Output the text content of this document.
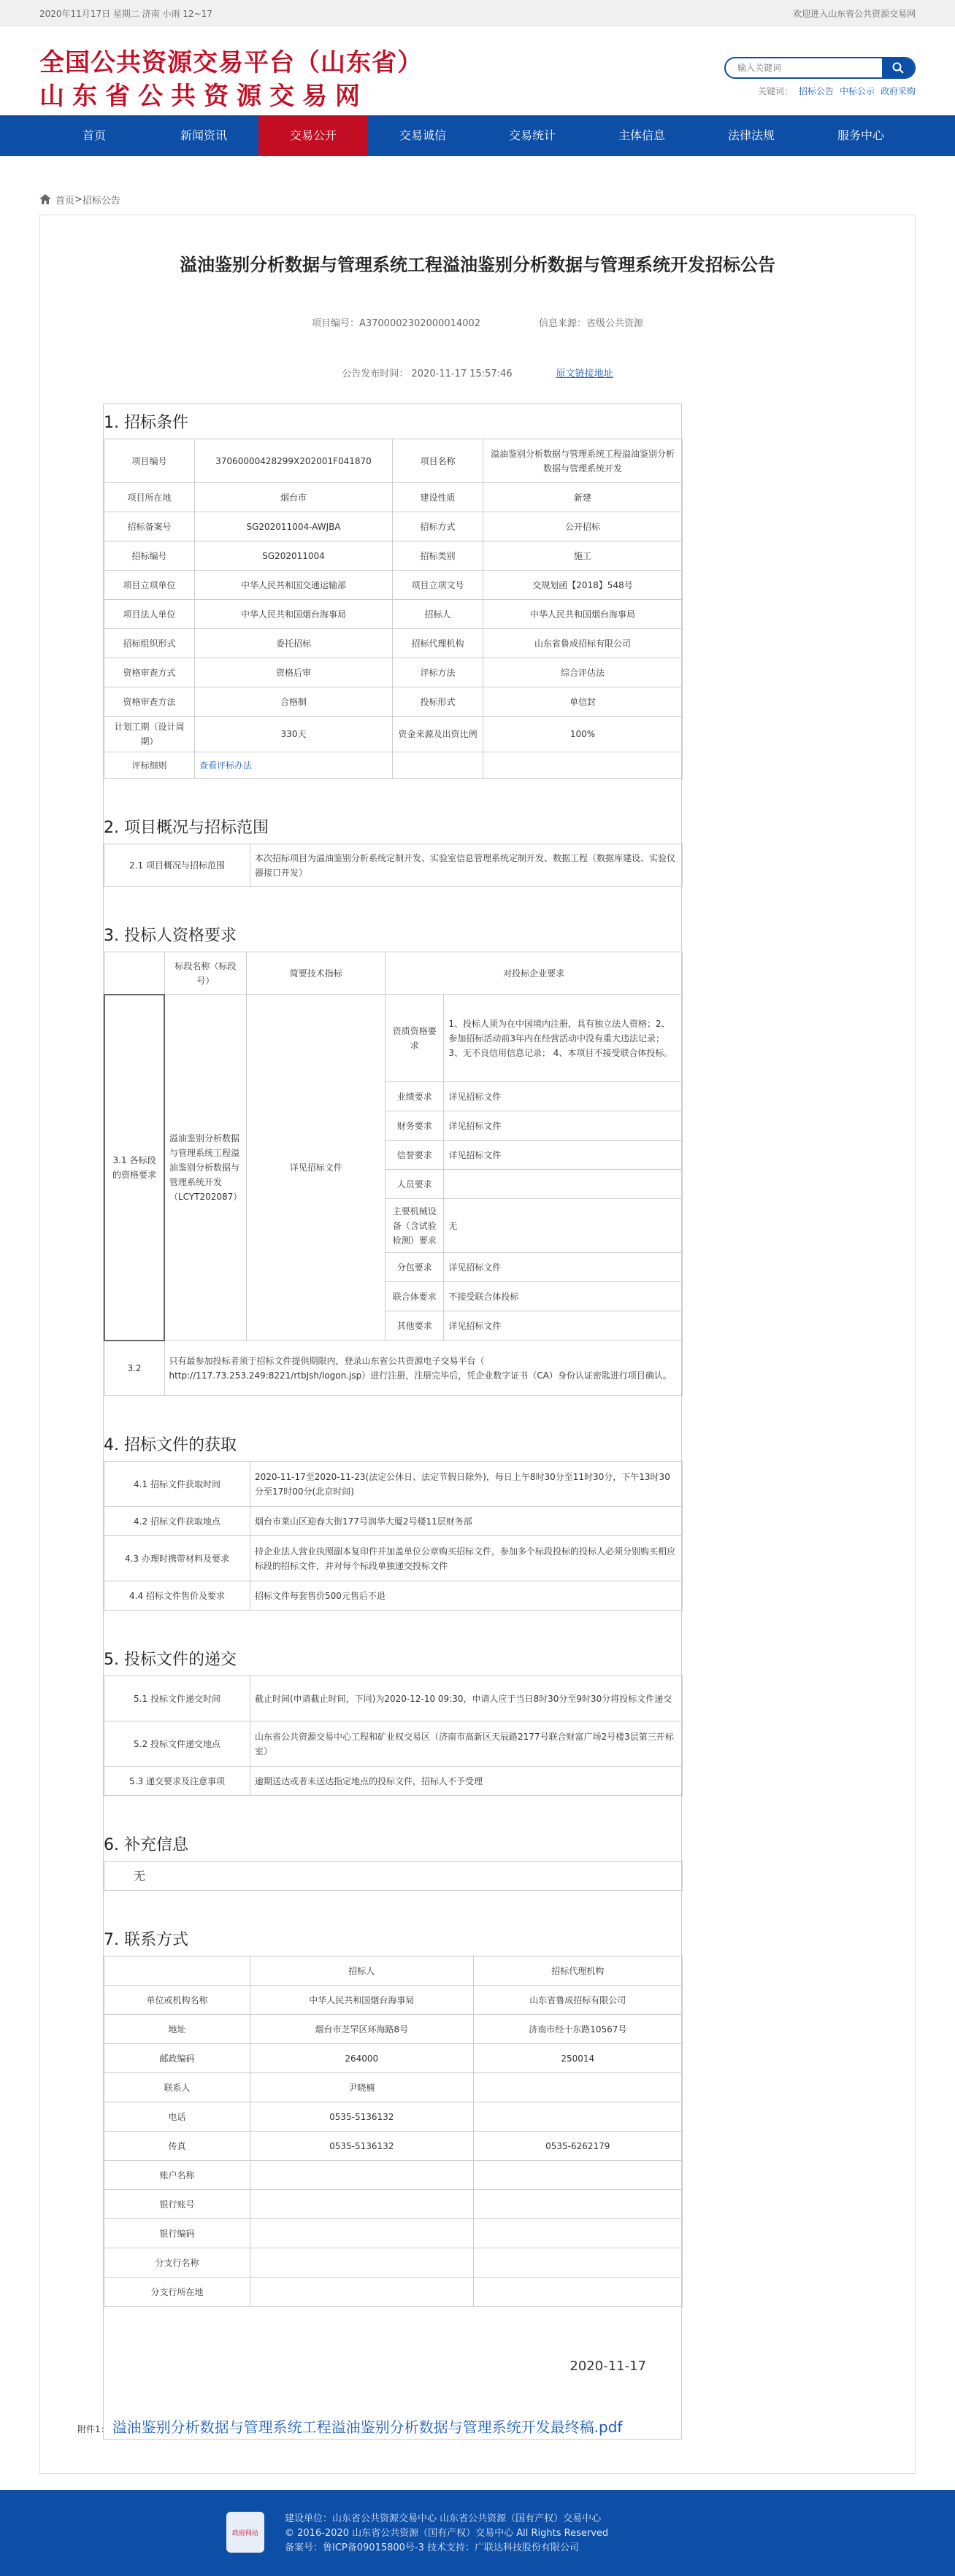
2020年11月17日 星期二 济南 小雨 12~17	欢迎进入山东省公共资源交易网
全国公共资源交易平台（山东省）
山东省公共资源交易网
输入关键词	关键词： 招标公告 中标公示 政府采购
首页	新闻资讯	交易公开	交易诚信	交易统计	主体信息	法律法规	服务中心
首页 > 招标公告
溢油鉴别分析数据与管理系统工程溢油鉴别分析数据与管理系统开发招标公告
项目编号：A3700002302000014002	信息来源：省级公共资源
公告发布时间： 2020-11-17 15:57:46	原文链接地址
1. 招标条件
项目编号	3706000042829​9X202001F041870	项目名称	溢油鉴别分析数据与管理系统工程溢油鉴别分析数据与管理系统开发
项目所在地	烟台市	建设性质	新建
招标备案号	SG202011004-AWJBA	招标方式	公开招标
招标编号	SG202011004	招标类别	施工
项目立项单位	中华人民共和国交通运输部	项目立项文号	交规划函【2018】548号
项目法人单位	中华人民共和国烟台海事局	招标人	中华人民共和国烟台海事局
招标组织形式	委托招标	招标代理机构	山东省鲁成招标有限公司
资格审查方式	资格后审	评标方法	综合评估法
资格审查方法	合格制	投标形式	单信封
计划工期（设计周期）	330天	资金来源及出资比例	100%
评标细则	查看评标办法		
2. 项目概况与招标范围
2.1 项目概况与招标范围	本次招标项目为溢油鉴别分析系统定制开发、实验室信息管理系统定制开发、数据工程（数据库建设、实验仪器接口开发）
3. 投标人资格要求
	标段名称（标段号）	简要技术指标	对投标企业要求	
3.1 各标段的资格要求	溢油鉴别分析数据与管理系统工程溢油鉴别分析数据与管理系统开发（LCYT202087）	详见招标文件	资质资格要求	1、投标人须为在中国境内注册，具有独立法人资格；2、参加招标活动前3年内在经营活动中没有重大违法记录； 3、无不良信用信息记录； 4、本项目不接受联合体投标。
			业绩要求	详见招标文件
			财务要求	详见招标文件
			信誉要求	详见招标文件
			人员要求	
			主要机械设备（含试验检测）要求	无
			分包要求	详见招标文件
			联合体要求	不接受联合体投标
			其他要求	详见招标文件
3.2	只有最参加投标者须于招标文件提供期限内，登录山东省公共资源电子交易平台（ http://117.73.253.249:8221/rtbJsh/logon.jsp）进行注册，注册完毕后，凭企业数字证书（CA）身份认证密匙进行项目确认。			
4. 招标文件的获取
4.1 招标文件获取时间	2020-11-17至2020-11-23(法定公休日、法定节假日除外)，每日上午8时30分至11时30分，下午13时30分至17时00分(北京时间)
4.2 招标文件获取地点	烟台市莱山区迎春大街177号润华大厦2号楼11层财务部
4.3 办理时携带材料及要求	持企业法人营业执照副本复印件并加盖单位公章购买招标文件，参加多个标段投标的投标人必须分别购买相应标段的招标文件，并对每个标段单独递交投标文件
4.4 招标文件售价及要求	招标文件每套售价500元售后不退
5. 投标文件的递交
5.1 投标文件递交时间	截止时间(申请截止时间，下同)为2020-12-10 09:30，申请人应于当日8时30分至9时30分将投标文件递交
5.2 投标文件递交地点	山东省公共资源交易中心工程和矿业权交易区（济南市高新区天辰路2177号联合财富广场2号楼3层第三开标室）
5.3 递交要求及注意事项	逾期送达或者未送达指定地点的投标文件，招标人不予受理
6. 补充信息
无
7. 联系方式
	招标人	招标代理机构
单位或机构名称	中华人民共和国烟台海事局	山东省鲁成招标有限公司
地址	烟台市芝罘区环海路8号	济南市经十东路10567号
邮政编码	264000	250014
联系人	尹晓楠	
电话	0535-5136132	
传真	0535-5136132	0535-6262179
账户名称		
银行账号		
银行编码		
分支行名称		
分支行所在地		
2020-11-17
附件1： 溢油鉴别分析数据与管理系统工程溢油鉴别分析数据与管理系统开发最终稿.pdf
政府网站
建设单位：山东省公共资源交易中心 山东省公共资源（国有产权）交易中心
© 2016-2020 山东省公共资源（国有产权）交易中心 All Rights Reserved
备案号：鲁ICP备09015800号-3 技术支持：广联达科技股份有限公司
